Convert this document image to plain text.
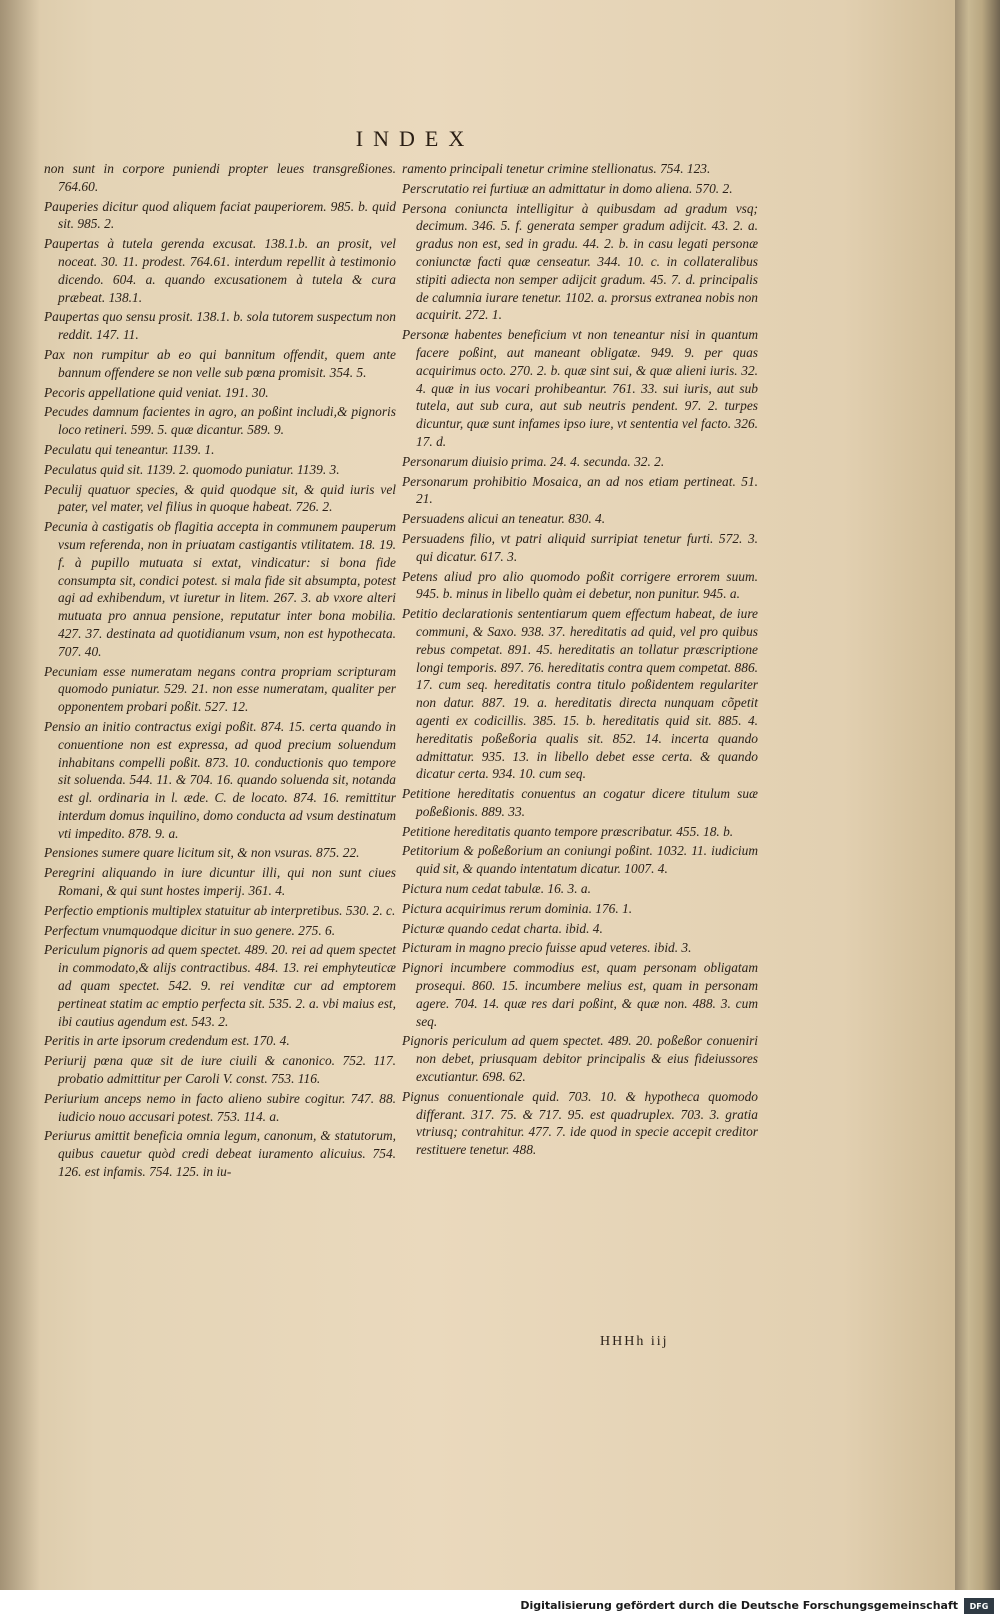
INDEX

non sunt in corpore puniendi propter leues transgreßiones. 764.60.

Pauperies dicitur quod aliquem faciat pauperiorem. 985. b. quid sit. 985. 2.

Paupertas à tutela gerenda excusat. 138.1.b. an prosit, vel noceat. 30. 11. prodest. 764.61. interdum repellit à testimonio dicendo. 604. a. quando excusationem à tutela & cura præbeat. 138.1.

Paupertas quo sensu prosit. 138.1. b. sola tutorem suspectum non reddit. 147. 11.

Pax non rumpitur ab eo qui bannitum offendit, quem ante bannum offendere se non velle sub pœna promisit. 354. 5.

Pecoris appellatione quid veniat. 191. 30.

Pecudes damnum facientes in agro, an poßint includi,& pignoris loco retineri. 599. 5. quæ dicantur. 589. 9.

Peculatu qui teneantur. 1139. 1.

Peculatus quid sit. 1139. 2. quomodo puniatur. 1139. 3.

Peculij quatuor species, & quid quodque sit, & quid iuris vel pater, vel mater, vel filius in quoque habeat. 726. 2.

Pecunia à castigatis ob flagitia accepta in communem pauperum vsum referenda, non in priuatam castigantis vtilitatem. 18. 19. f. à pupillo mutuata si extat, vindicatur: si bona fide consumpta sit, condici potest. si mala fide sit absumpta, potest agi ad exhibendum, vt iuretur in litem. 267. 3. ab vxore alteri mutuata pro annua pensione, reputatur inter bona mobilia. 427. 37. destinata ad quotidianum vsum, non est hypothecata. 707. 40.

Pecuniam esse numeratam negans contra propriam scripturam quomodo puniatur. 529. 21. non esse numeratam, qualiter per opponentem probari poßit. 527. 12.

Pensio an initio contractus exigi poßit. 874. 15. certa quando in conuentione non est expressa, ad quod precium soluendum inhabitans compelli poßit. 873. 10. conductionis quo tempore sit soluenda. 544. 11. & 704. 16. quando soluenda sit, notanda est gl. ordinaria in l. æde. C. de locato. 874. 16. remittitur interdum domus inquilino, domo conducta ad vsum destinatum vti impedito. 878. 9. a.

Pensiones sumere quare licitum sit, & non vsuras. 875. 22.

Peregrini aliquando in iure dicuntur illi, qui non sunt ciues Romani, & qui sunt hostes imperij. 361. 4.

Perfectio emptionis multiplex statuitur ab interpretibus. 530. 2. c.

Perfectum vnumquodque dicitur in suo genere. 275. 6.

Periculum pignoris ad quem spectet. 489. 20. rei ad quem spectet in commodato,& alijs contractibus. 484. 13. rei emphyteuticæ ad quam spectet. 542. 9. rei venditæ cur ad emptorem pertineat statim ac emptio perfecta sit. 535. 2. a. vbi maius est, ibi cautius agendum est. 543. 2.

Peritis in arte ipsorum credendum est. 170. 4.

Periurij pœna quæ sit de iure ciuili & canonico. 752. 117. probatio admittitur per Caroli V. const. 753. 116.

Periurium anceps nemo in facto alieno subire cogitur. 747. 88. iudicio nouo accusari potest. 753. 114. a.

Periurus amittit beneficia omnia legum, canonum, & statutorum, quibus cauetur quòd credi debeat iuramento alicuius. 754. 126. est infamis. 754. 125. in iu-

ramento principali tenetur crimine stellionatus. 754. 123.

Perscrutatio rei furtiuæ an admittatur in domo aliena. 570. 2.

Persona coniuncta intelligitur à quibusdam ad gradum vsq; decimum. 346. 5. f. generata semper gradum adijcit. 43. 2. a. gradus non est, sed in gradu. 44. 2. b. in casu legati personæ coniunctæ facti quæ censeatur. 344. 10. c. in collateralibus stipiti adiecta non semper adijcit gradum. 45. 7. d. principalis de calumnia iurare tenetur. 1102. a. prorsus extranea nobis non acquirit. 272. 1.

Personæ habentes beneficium vt non teneantur nisi in quantum facere poßint, aut maneant obligatæ. 949. 9. per quas acquirimus octo. 270. 2. b. quæ sint sui, & quæ alieni iuris. 32. 4. quæ in ius vocari prohibeantur. 761. 33. sui iuris, aut sub tutela, aut sub cura, aut sub neutris pendent. 97. 2. turpes dicuntur, quæ sunt infames ipso iure, vt sententia vel facto. 326. 17. d.

Personarum diuisio prima. 24. 4. secunda. 32. 2.

Personarum prohibitio Mosaica, an ad nos etiam pertineat. 51. 21.

Persuadens alicui an teneatur. 830. 4.

Persuadens filio, vt patri aliquid surripiat tenetur furti. 572. 3. qui dicatur. 617. 3.

Petens aliud pro alio quomodo poßit corrigere errorem suum. 945. b. minus in libello quàm ei debetur, non punitur. 945. a.

Petitio declarationis sententiarum quem effectum habeat, de iure communi, & Saxo. 938. 37. hereditatis ad quid, vel pro quibus rebus competat. 891. 45. hereditatis an tollatur præscriptione longi temporis. 897. 76. hereditatis contra quem competat. 886. 17. cum seq. hereditatis contra titulo poßidentem regulariter non datur. 887. 19. a. hereditatis directa nunquam cõpetit agenti ex codicillis. 385. 15. b. hereditatis quid sit. 885. 4. hereditatis poßeßoria qualis sit. 852. 14. incerta quando admittatur. 935. 13. in libello debet esse certa. & quando dicatur certa. 934. 10. cum seq.

Petitione hereditatis conuentus an cogatur dicere titulum suæ poßeßionis. 889. 33.

Petitione hereditatis quanto tempore præscribatur. 455. 18. b.

Petitorium & poßeßorium an coniungi poßint. 1032. 11. iudicium quid sit, & quando intentatum dicatur. 1007. 4.

Pictura num cedat tabulæ. 16. 3. a.

Pictura acquirimus rerum dominia. 176. 1.

Picturæ quando cedat charta. ibid. 4.

Picturam in magno precio fuisse apud veteres. ibid. 3.

Pignori incumbere commodius est, quam personam obligatam prosequi. 860. 15. incumbere melius est, quam in personam agere. 704. 14. quæ res dari poßint, & quæ non. 488. 3. cum seq.

Pignoris periculum ad quem spectet. 489. 20. poßeßor conueniri non debet, priusquam debitor principalis & eius fideiussores excutiantur. 698. 62.

Pignus conuentionale quid. 703. 10. & hypotheca quomodo differant. 317. 75. & 717. 95. est quadruplex. 703. 3. gratia vtriusq; contrahitur. 477. 7. ide quod in specie accepit creditor restituere tenetur. 488.

HHHh iij
Digitalisierung gefördert durch die Deutsche Forschungsgemeinschaft	DFG
